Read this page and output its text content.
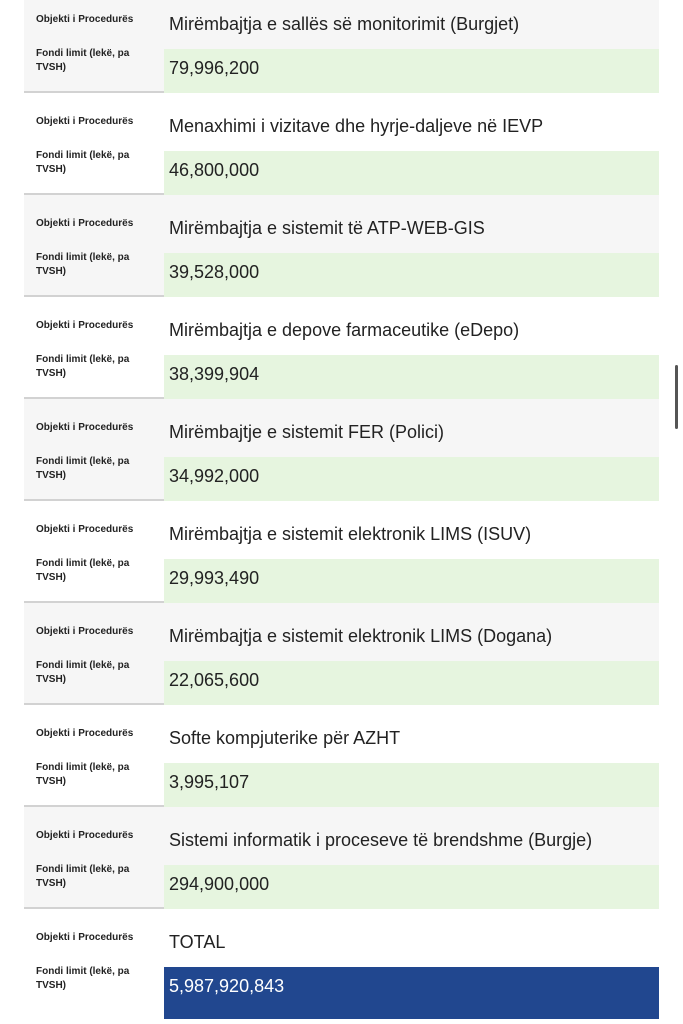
Objekti i Procedurës	Mirëmbajtja e sallës së monitorimit (Burgjet)
Fondi limit (lekë, pa TVSH)	79,996,200
Objekti i Procedurës	Menaxhimi i vizitave dhe hyrje-daljeve në IEVP
Fondi limit (lekë, pa TVSH)	46,800,000
Objekti i Procedurës	Mirëmbajtja e sistemit të ATP-WEB-GIS
Fondi limit (lekë, pa TVSH)	39,528,000
Objekti i Procedurës	Mirëmbajtja e depove farmaceutike (eDepo)
Fondi limit (lekë, pa TVSH)	38,399,904
Objekti i Procedurës	Mirëmbajtje e sistemit FER (Polici)
Fondi limit (lekë, pa TVSH)	34,992,000
Objekti i Procedurës	Mirëmbajtja e sistemit elektronik LIMS (ISUV)
Fondi limit (lekë, pa TVSH)	29,993,490
Objekti i Procedurës	Mirëmbajtja e sistemit elektronik LIMS (Dogana)
Fondi limit (lekë, pa TVSH)	22,065,600
Objekti i Procedurës	Softe kompjuterike për AZHT
Fondi limit (lekë, pa TVSH)	3,995,107
Objekti i Procedurës	Sistemi informatik i proceseve të brendshme (Burgje)
Fondi limit (lekë, pa TVSH)	294,900,000
Objekti i Procedurës	TOTAL
Fondi limit (lekë, pa TVSH)	5,987,920,843
